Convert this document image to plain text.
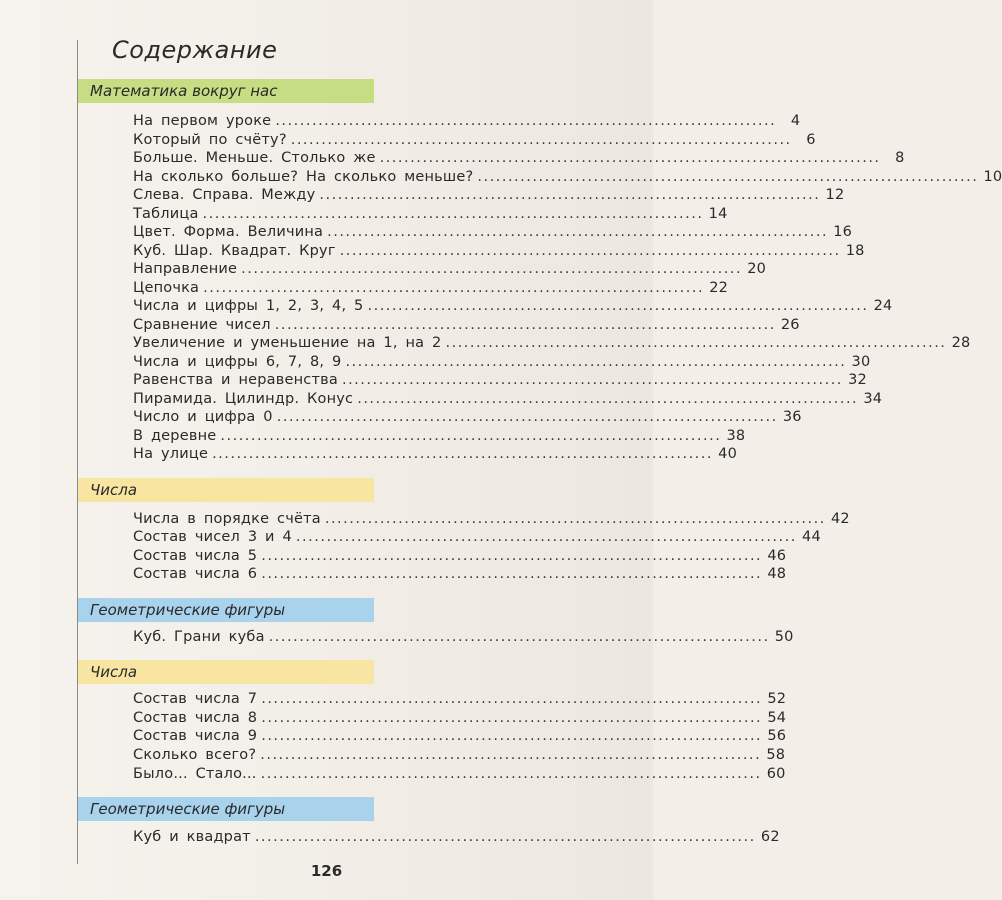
Содержание
Математика вокруг нас
На первом уроке ..................................................................................	4
Который по счёту? ..................................................................................	6
Больше. Меньше. Столько же ..................................................................................	8
На сколько больше? На сколько меньше? .................................................................................. 10
Слева. Справа. Между .................................................................................. 12
Таблица .................................................................................. 14
Цвет. Форма. Величина .................................................................................. 16
Куб. Шар. Квадрат. Круг .................................................................................. 18
Направление .................................................................................. 20
Цепочка .................................................................................. 22
Числа и цифры 1, 2, 3, 4, 5 .................................................................................. 24
Сравнение чисел .................................................................................. 26
Увеличение и уменьшение на 1, на 2 .................................................................................. 28
Числа и цифры 6, 7, 8, 9 .................................................................................. 30
Равенства и неравенства .................................................................................. 32
Пирамида. Цилиндр. Конус .................................................................................. 34
Число и цифра 0 .................................................................................. 36
В деревне .................................................................................. 38
На улице .................................................................................. 40
Числа
Числа в порядке счёта .................................................................................. 42
Состав чисел 3 и 4 .................................................................................. 44
Состав числа 5 .................................................................................. 46
Состав числа 6 .................................................................................. 48
Геометрические фигуры
Куб. Грани куба .................................................................................. 50
Числа
Состав числа 7 .................................................................................. 52
Состав числа 8 .................................................................................. 54
Состав числа 9 .................................................................................. 56
Сколько всего? .................................................................................. 58
Было... Стало... .................................................................................. 60
Геометрические фигуры
Куб и квадрат .................................................................................. 62
126
